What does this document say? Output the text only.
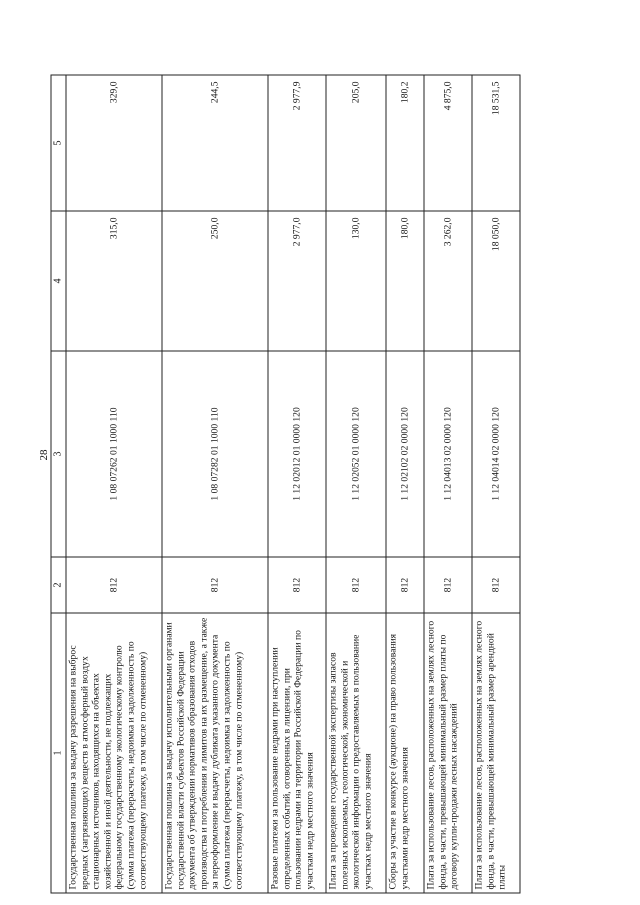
28
1	2	3	4	5
Государственная пошлина за выдачу разрешения на выброс вредных (загрязняющих) веществ в атмосферный воздух стационарных источников, находящихся на объектах хозяйственной и иной деятельности, не подлежащих федеральному государственному экологическому контролю (сумма платежа (перерасчеты, недоимка и задолженность по соответствующему платежу, в том числе по отмененному)	812	1 08 07262 01 1000 110	315,0	329,0
Государственная пошлина за выдачу исполнительными органами государственной власти субъектов Российской Федерации документа об утверждении нормативов образования отходов производства и потребления и лимитов на их размещение, а также за переоформление и выдачу дубликата указанного документа (сумма платежа (перерасчеты, недоимка и задолженность по соответствующему платежу, в том числе по отмененному)	812	1 08 07282 01 1000 110	250,0	244,5
Разовые платежи за пользование недрами при наступлении определенных событий, оговоренных в лицензии, при пользовании недрами на территории Российской Федерации по участкам недр местного значения	812	1 12 02012 01 0000 120	2 977,0	2 977,9
Плата за проведение государственной экспертизы запасов полезных ископаемых, геологической, экономической и экологической информации о предоставляемых в пользование участках недр местного значения	812	1 12 02052 01 0000 120	130,0	205,0
Сборы за участие в конкурсе (аукционе) на право пользования участками недр местного значения	812	1 12 02102 02 0000 120	180,0	180,2
Плата за использование лесов, расположенных на землях лесного фонда, в части, превышающей минимальный размер платы по договору купли-продажи лесных насаждений	812	1 12 04013 02 0000 120	3 262,0	4 875,0
Плата за использование лесов, расположенных на землях лесного фонда, в части, превышающей минимальный размер арендной платы	812	1 12 04014 02 0000 120	18 050,0	18 531,5
